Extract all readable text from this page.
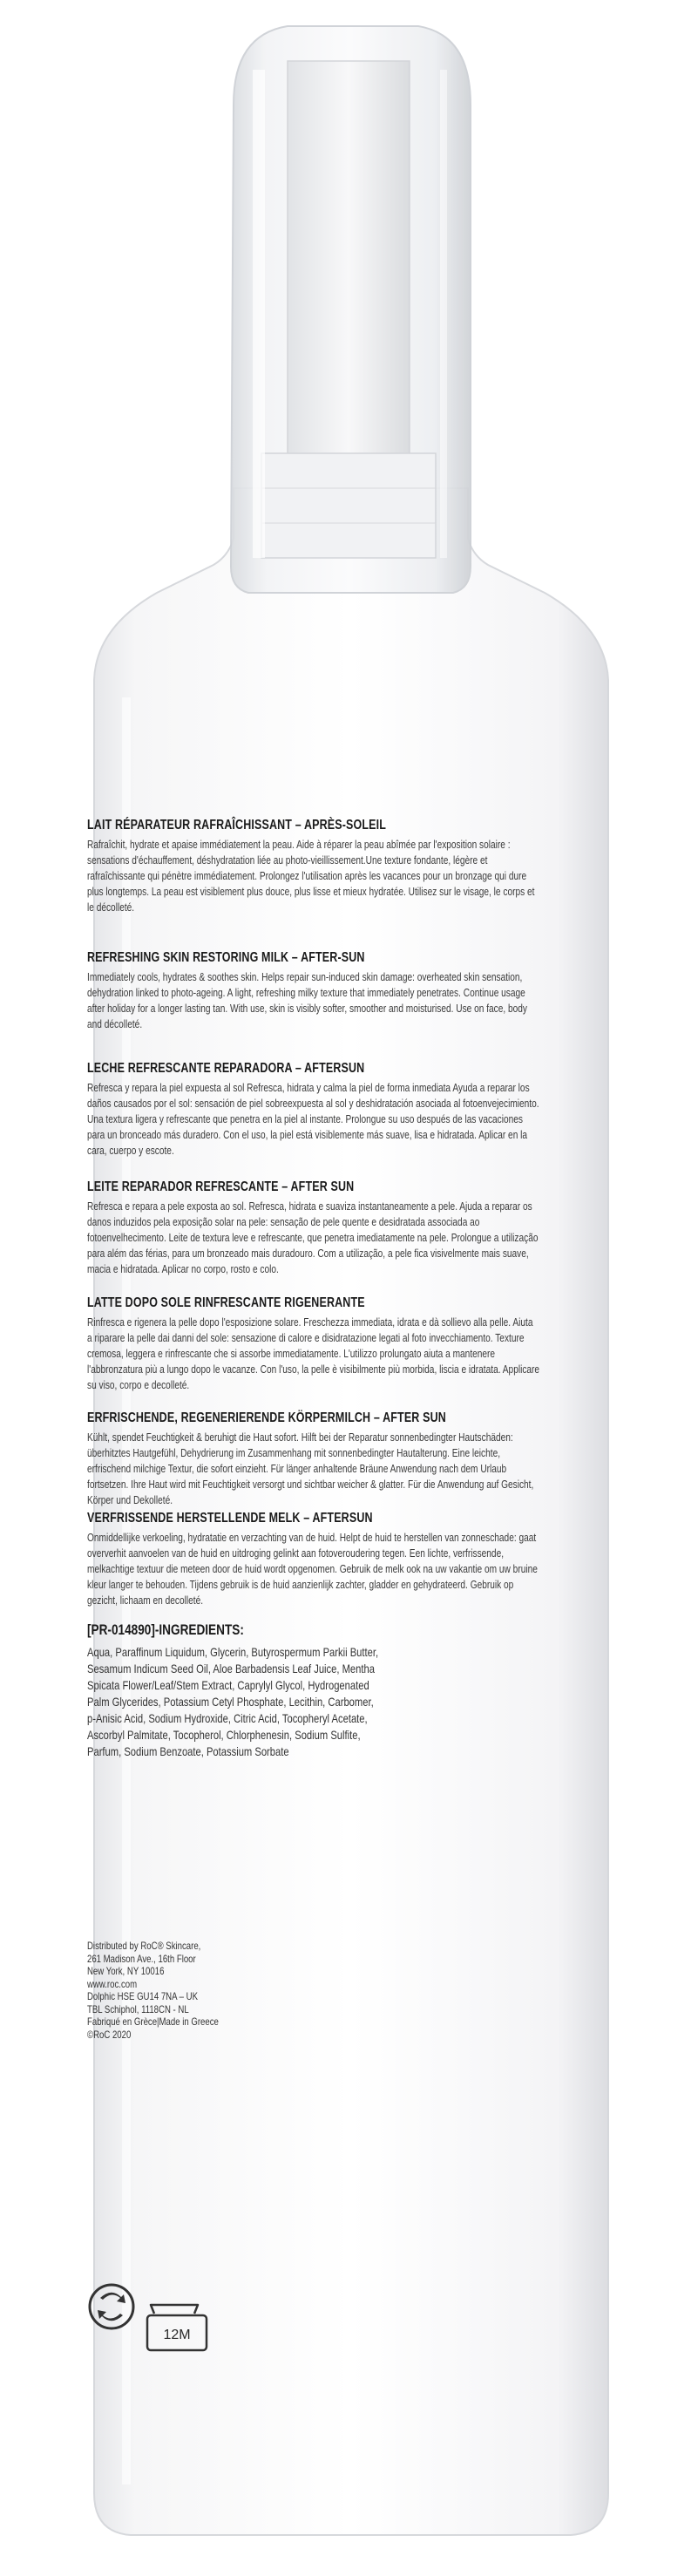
LAIT RÉPARATEUR RAFRAÎCHISSANT – APRÈS-SOLEIL
Rafraîchit, hydrate et apaise immédiatement la peau. Aide à réparer la peau abîmée par l'exposition solaire : sensations d'échauffement, déshydratation liée au photo-vieillissement.Une texture fondante, légère et rafraîchissante qui pénètre immédiatement. Prolongez l'utilisation après les vacances pour un bronzage qui dure plus longtemps. La peau est visiblement plus douce, plus lisse et mieux hydratée. Utilisez sur le visage, le corps et le décolleté.
REFRESHING SKIN RESTORING MILK – AFTER-SUN
Immediately cools, hydrates & soothes skin. Helps repair sun-induced skin damage: overheated skin sensation, dehydration linked to photo-ageing. A light, refreshing milky texture that immediately penetrates. Continue usage after holiday for a longer lasting tan. With use, skin is visibly softer, smoother and moisturised. Use on face, body and décolleté.
LECHE REFRESCANTE REPARADORA – AFTERSUN
Refresca y repara la piel expuesta al sol Refresca, hidrata y calma la piel de forma inmediata Ayuda a reparar los daños causados por el sol: sensación de piel sobreexpuesta al sol y deshidratación asociada al fotoenvejecimiento. Una textura ligera y refrescante que penetra en la piel al instante. Prolongue su uso después de las vacaciones para un bronceado más duradero. Con el uso, la piel está visiblemente más suave, lisa e hidratada. Aplicar en la cara, cuerpo y escote.
LEITE REPARADOR REFRESCANTE – AFTER SUN
Refresca e repara a pele exposta ao sol. Refresca, hidrata e suaviza instantaneamente a pele. Ajuda a reparar os danos induzidos pela exposição solar na pele: sensação de pele quente e desidratada associada ao fotoenvelhecimento. Leite de textura leve e refrescante, que penetra imediatamente na pele. Prolongue a utilização para além das férias, para um bronzeado mais duradouro. Com a utilização, a pele fica visivelmente mais suave, macia e hidratada. Aplicar no corpo, rosto e colo.
LATTE DOPO SOLE RINFRESCANTE RIGENERANTE
Rinfresca e rigenera la pelle dopo l'esposizione solare. Freschezza immediata, idrata e dà sollievo alla pelle. Aiuta a riparare la pelle dai danni del sole: sensazione di calore e disidratazione legati al foto invecchiamento. Texture cremosa, leggera e rinfrescante che si assorbe immediatamente. L'utilizzo prolungato aiuta a mantenere l'abbronzatura più a lungo dopo le vacanze. Con l'uso, la pelle è visibilmente più morbida, liscia e idratata. Applicare su viso, corpo e decolleté.
ERFRISCHENDE, REGENERIERENDE KÖRPERMILCH – AFTER SUN
Kühlt, spendet Feuchtigkeit & beruhigt die Haut sofort. Hilft bei der Reparatur sonnenbedingter Hautschäden: überhitztes Hautgefühl, Dehydrierung im Zusammenhang mit sonnenbedingter Hautalterung. Eine leichte, erfrischend milchige Textur, die sofort einzieht. Für länger anhaltende Bräune Anwendung nach dem Urlaub fortsetzen. Ihre Haut wird mit Feuchtigkeit versorgt und sichtbar weicher & glatter. Für die Anwendung auf Gesicht, Körper und Dekolleté.
VERFRISSENDE HERSTELLENDE MELK – AFTERSUN
Onmiddellijke verkoeling, hydratatie en verzachting van de huid. Helpt de huid te herstellen van zonneschade: gaat oververhit aanvoelen van de huid en uitdroging gelinkt aan fotoveroudering tegen. Een lichte, verfrissende, melkachtige textuur die meteen door de huid wordt opgenomen. Gebruik de melk ook na uw vakantie om uw bruine kleur langer te behouden. Tijdens gebruik is de huid aanzienlijk zachter, gladder en gehydrateerd. Gebruik op gezicht, lichaam en decolleté.
[PR-014890]-INGREDIENTS:
Aqua, Paraffinum Liquidum, Glycerin, Butyrospermum Parkii Butter, Sesamum Indicum Seed Oil, Aloe Barbadensis Leaf Juice, Mentha Spicata Flower/Leaf/Stem Extract, Caprylyl Glycol, Hydrogenated Palm Glycerides, Potassium Cetyl Phosphate, Lecithin, Carbomer, p-Anisic Acid, Sodium Hydroxide, Citric Acid, Tocopheryl Acetate, Ascorbyl Palmitate, Tocopherol, Chlorphenesin, Sodium Sulfite, Parfum, Sodium Benzoate, Potassium Sorbate
Distributed by RoC® Skincare,
261 Madison Ave., 16th Floor
New York, NY 10016
www.roc.com
Dolphic HSE GU14 7NA – UK
TBL Schiphol, 1118CN - NL
Fabriqué en Grèce|Made in Greece
©RoC 2020
12M
